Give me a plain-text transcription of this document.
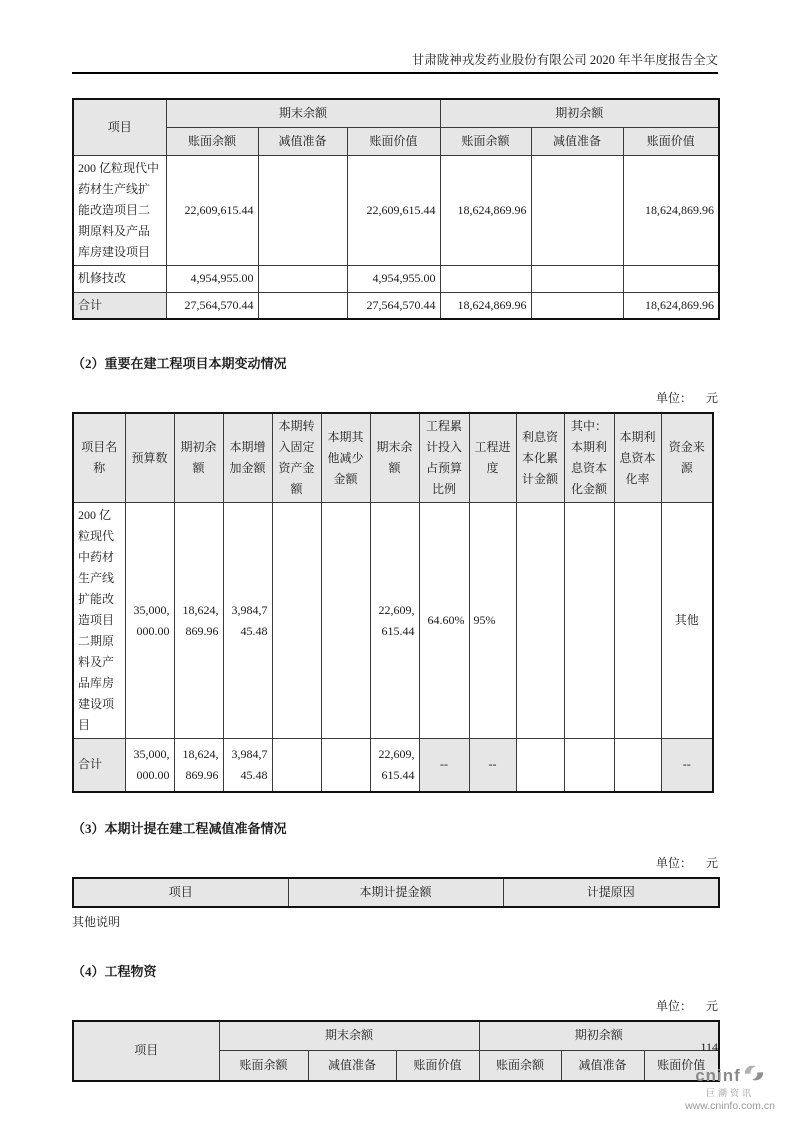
甘肃陇神戎发药业股份有限公司 2020 年半年度报告全文
项目	期末余额			期初余额		
	账面余额	减值准备	账面价值	账面余额	减值准备	账面价值
200 亿粒现代中药材生产线扩能改造项目二期原料及产品库房建设项目	22,609,615.44		22,609,615.44	18,624,869.96		18,624,869.96
机修技改	4,954,955.00		4,954,955.00			
合计	27,564,570.44		27,564,570.44	18,624,869.96		18,624,869.96
（2）重要在建工程项目本期变动情况
单位： 元
项目名称	预算数	期初余额	本期增加金额	本期转入固定资产金额	本期其他减少金额	期末余额	工程累计投入占预算比例	工程进度	利息资本化累计金额	其中：本期利息资本化金额	本期利息资本化率	资金来源
200 亿粒现代中药材生产线扩能改造项目二期原料及产品库房建设项目	35,000,000.00	18,624,869.96	3,984,745.48			22,609,615.44	64.60%	95%				其他
合计	35,000,000.00	18,624,869.96	3,984,745.48			22,609,615.44	--	--				--
（3）本期计提在建工程减值准备情况
单位： 元
项目	本期计提金额	计提原因
其他说明
（4）工程物资
单位： 元
项目	期末余额			期初余额		
	账面余额	减值准备	账面价值	账面余额	减值准备	账面价值
114
cninf
巨潮资讯
www.cninfo.com.cn
